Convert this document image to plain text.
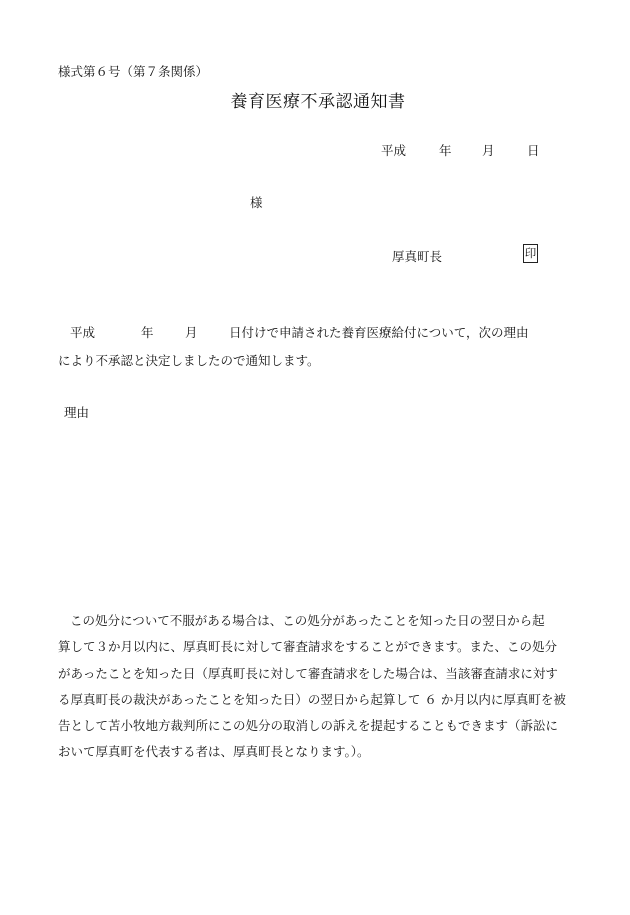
様式第６号（第７条関係）
養育医療不承認通知書
平成	年 月	日
様
厚真町長	印
平成	年	月	日付けで申請された養育医療給付について，次の理由
により不承認と決定しましたので通知します。
理由
この処分について不服がある場合は、この処分があったことを知った日の翌日から起
算して３か月以内に、厚真町長に対して審査請求をすることができます。また、この処分
があったことを知った日（厚真町長に対して審査請求をした場合は、当該審査請求に対す
る厚真町長の裁決があったことを知った日）の翌日から起算して ６ か月以内に厚真町を被
告として苫小牧地方裁判所にこの処分の取消しの訴えを提起することもできます（訴訟に
おいて厚真町を代表する者は、厚真町長となります。）。
